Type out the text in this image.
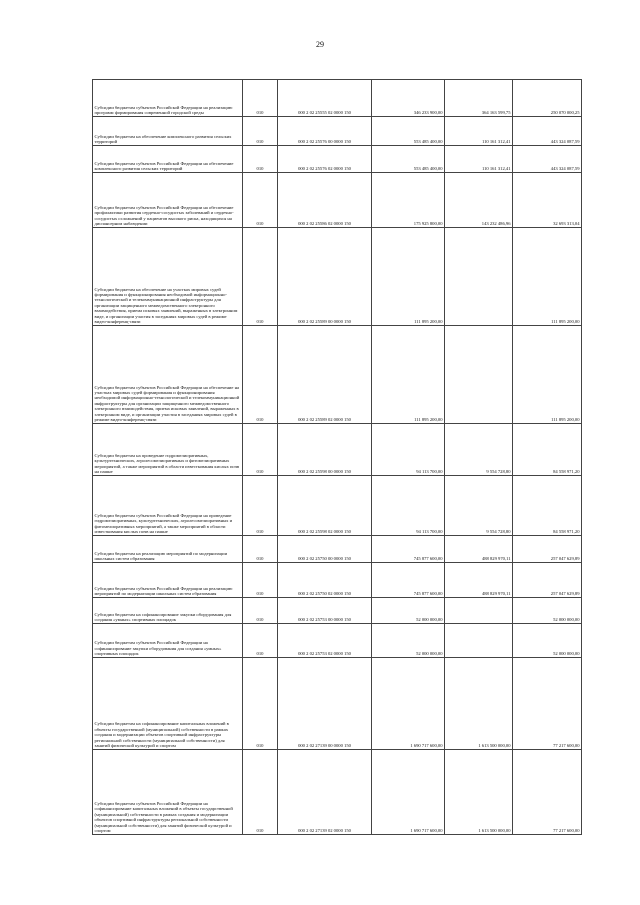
29
Субсидии бюджетам субъектов Российской Федерации на реализацию программ формирования современной городской среды	010	000 2 02 25555 02 0000 150	346 233 900,00	364 163 599,75	250 070 000,25
Субсидии бюджетам на обеспечение комплексного развития сельских территорий	010	000 2 02 25576 00 0000 150	553 485 400,00	110 161 312,41	443 324 087,59
Субсидии бюджетам субъектов Российской Федерации на обеспечение комплексного развития сельских территорий	010	000 2 02 25576 02 0000 150	553 485 400,00	110 161 312,41	443 324 087,59
Субсидии бюджетам субъектов Российской Федерации на обеспечение профилактики развития сердечно-сосудистых заболеваний и сердечно-сосудистых осложнений у пациентов высокого риска, находящихся на диспансерном наблюдении	010	000 2 02 25586 02 0000 150	175 925 800,00	143 232 486,96	32 693 313,04
Субсидии бюджетам на обеспечение на участках мировых судей формирования и функционирования необходимой информационно-технологической и телекоммуникационной инфраструктуры для организации защищенного межведомственного электронного взаимодействия, приема исковых заявлений, выраженных в электронном виде, и организации участия в заседаниях мировых судей в режиме видео-конференц-связи	010	000 2 02 25589 00 0000 150	111 895 200,00		111 895 200,00
Субсидии бюджетам субъектов Российской Федерации на обеспечение на участках мировых судей формирования и функционирования необходимой информационно-технологической и телекоммуникационной инфраструктуры для организации защищенного межведомственного электронного взаимодействия, приема исковых заявлений, выраженных в электронном виде, и организации участия в заседаниях мировых судей в режиме видео-конференц-связи	010	000 2 02 25589 02 0000 150	111 895 200,00		111 895 200,00
Субсидии бюджетам на проведение гидромелиоративных, культуртехнических, агролесомелиоративных и фитомелиоративных мероприятий, а также мероприятий в области известкования кислых почв на пашне	010	000 2 02 25598 00 0000 150	94 113 700,00	9 554 728,80	84 558 971,20
Субсидии бюджетам субъектов Российской Федерации на проведение гидромелиоративных, культуртехнических, агролесомелиоративных и фитомелиоративных мероприятий, а также мероприятий в области известкования кислых почв на пашне	010	000 2 02 25598 02 0000 150	94 113 700,00	9 554 728,80	84 558 971,20
Субсидии бюджетам на реализацию мероприятий по модернизации школьных систем образования	010	000 2 02 25750 00 0000 150	745 877 600,00	488 829 970,11	257 047 629,89
Субсидии бюджетам субъектов Российской Федерации на реализацию мероприятий по модернизации школьных систем образования	010	000 2 02 25750 02 0000 150	745 877 600,00	488 829 970,11	257 047 629,89
Субсидии бюджетам на софинансирование закупки оборудования для создания «умных» спортивных площадок	010	000 2 02 25753 00 0000 150	52 000 000,00		52 000 000,00
Субсидии бюджетам субъектов Российской Федерации на софинансирование закупки оборудования для создания «умных» спортивных площадок	010	000 2 02 25753 02 0000 150	52 000 000,00		52 000 000,00
Субсидии бюджетам на софинансирование капитальных вложений в объекты государственной (муниципальной) собственности в рамках создания и модернизации объектов спортивной инфраструктуры региональной собственности (муниципальной собственности) для занятий физической культурой и спортом	010	000 2 02 27139 00 0000 150	1 690 717 600,00	1 613 500 000,00	77 217 600,00
Субсидии бюджетам субъектов Российской Федерации на софинансирование капитальных вложений в объекты государственной (муниципальной) собственности в рамках создания и модернизации объектов спортивной инфраструктуры региональной собственности (муниципальной собственности) для занятий физической культурой и спортом	010	000 2 02 27139 02 0000 150	1 690 717 600,00	1 613 500 000,00	77 217 600,00
